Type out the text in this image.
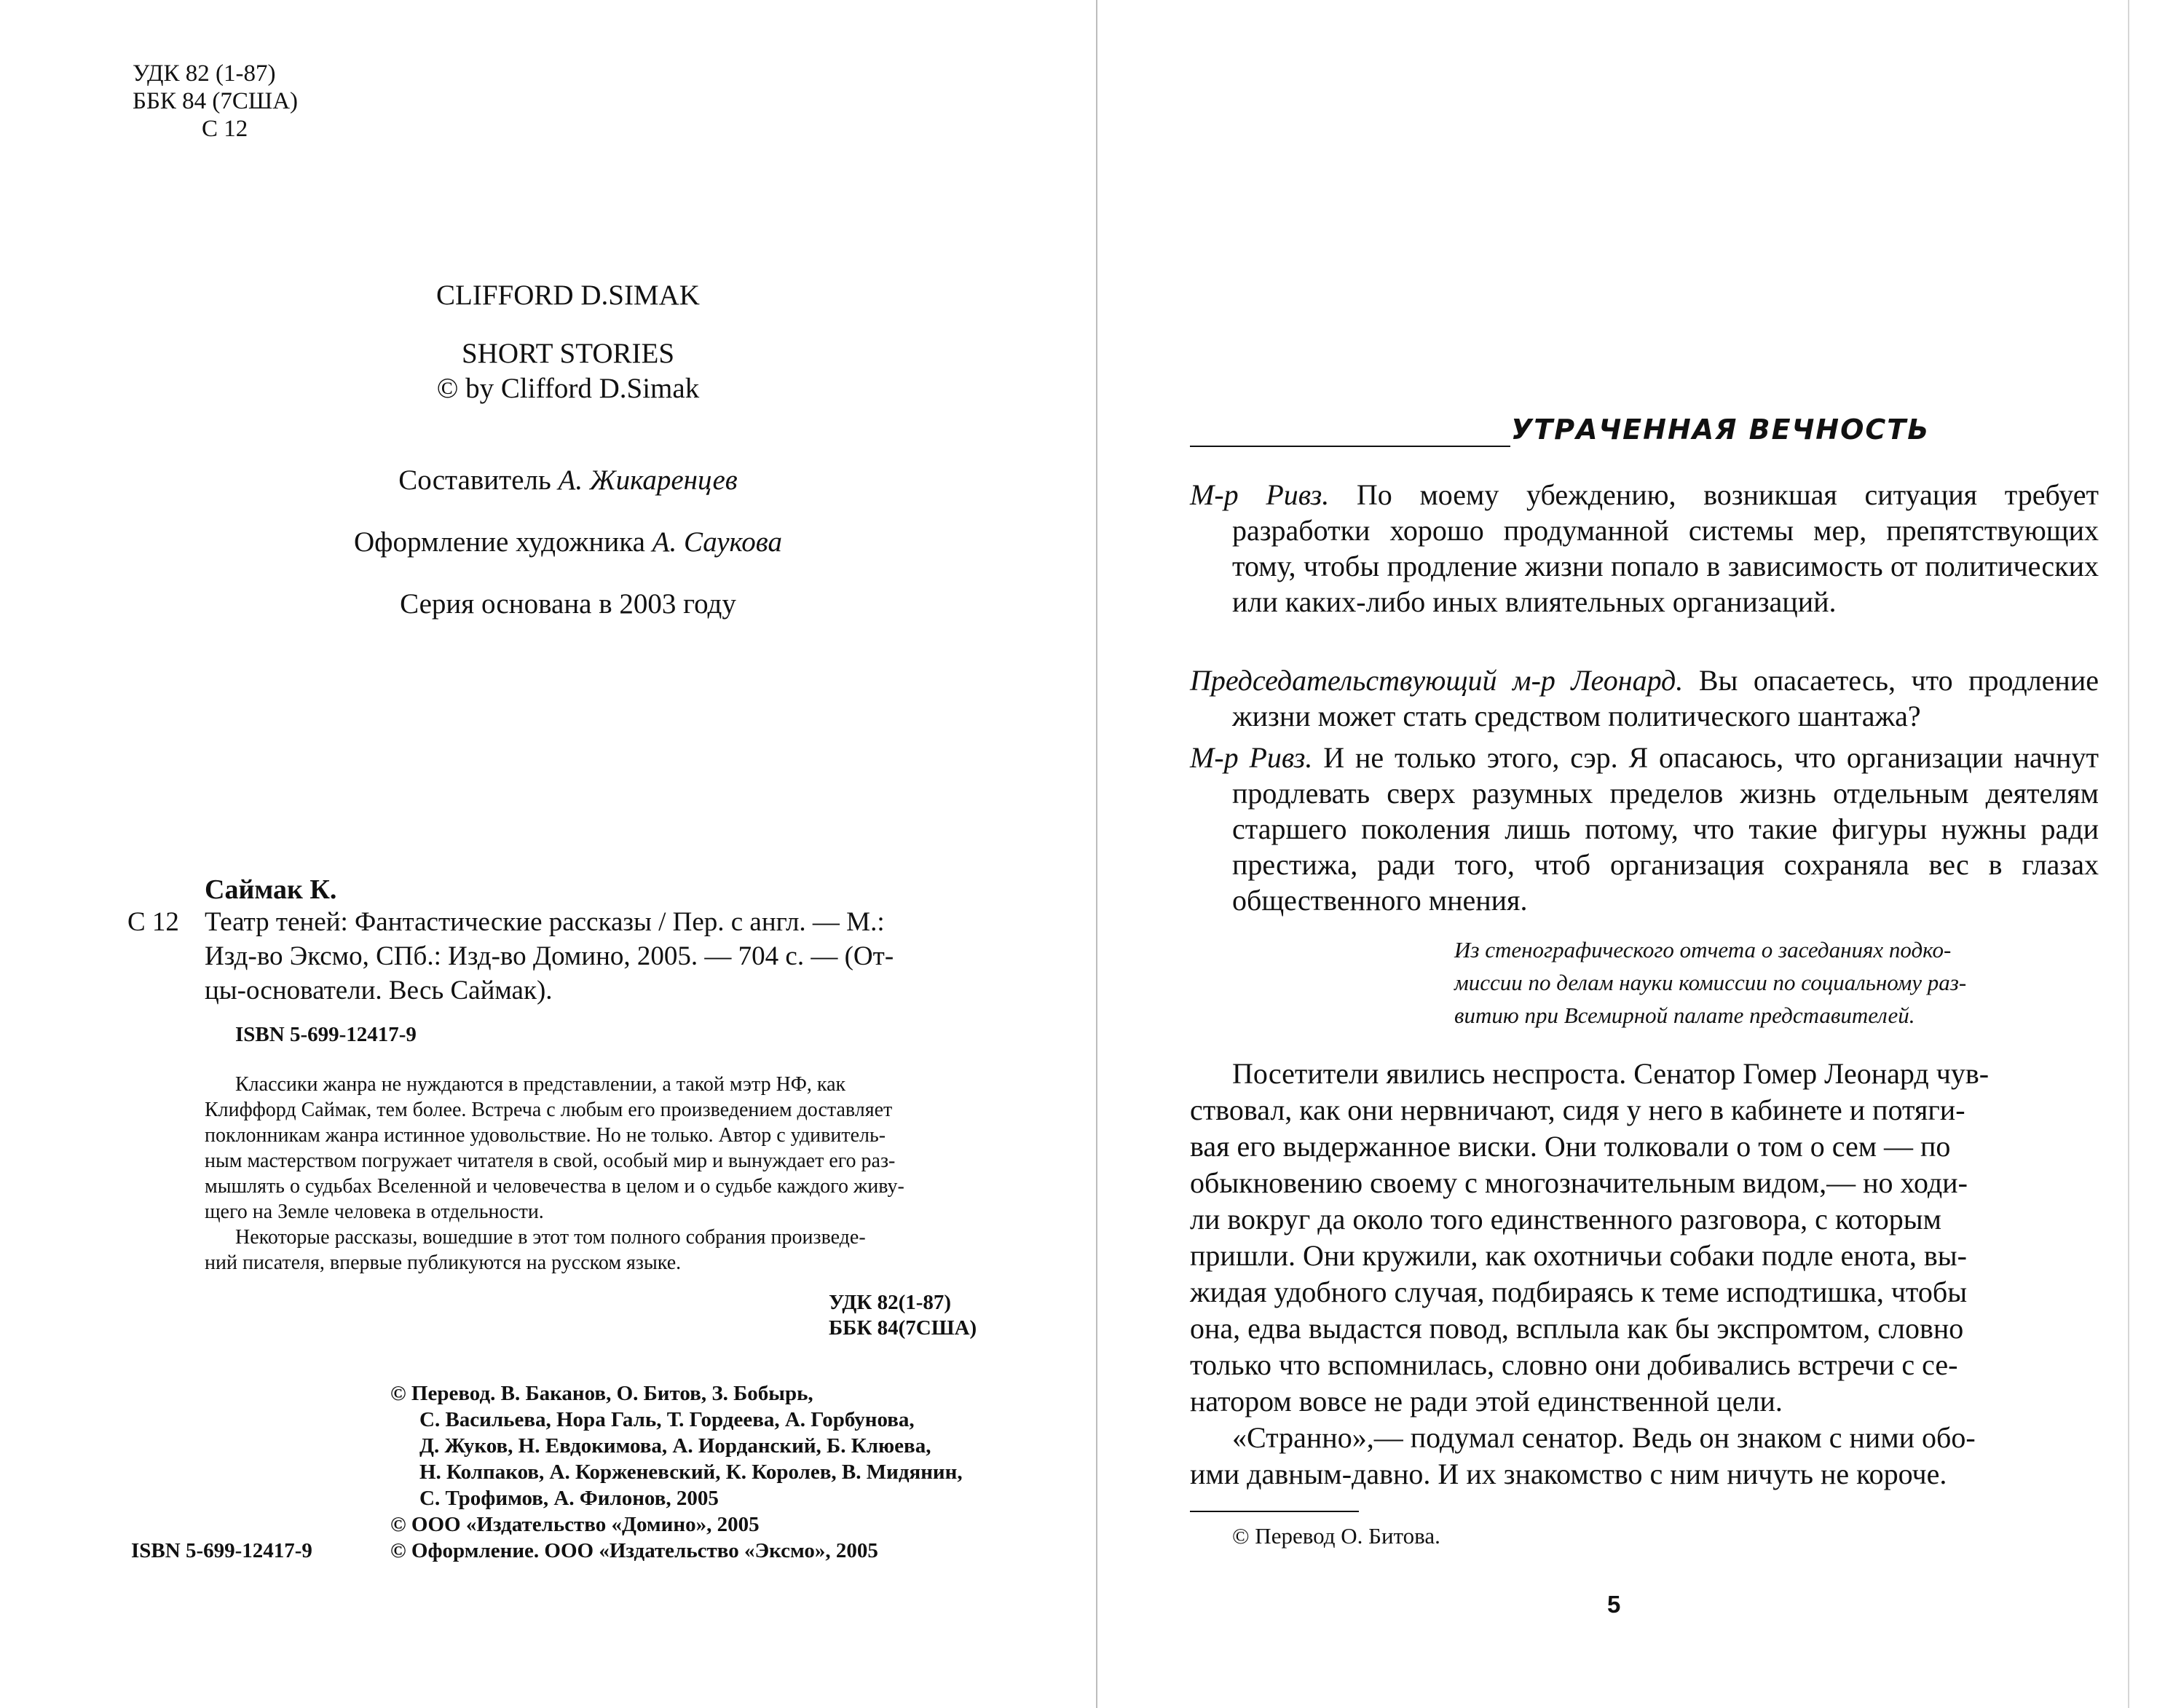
УДК 82 (1-87)
ББК 84 (7США)
С 12
CLIFFORD D.SIMAK
SHORT STORIES
© by Clifford D.Simak
Составитель А. Жикаренцев
Оформление художника А. Саукова
Серия основана в 2003 году
Саймак К.
С 12 Театр теней: Фантастические рассказы / Пер. с англ. — М.:
Изд-во Эксмо, СПб.: Изд-во Домино, 2005. — 704 с. — (От-
цы-основатели. Весь Саймак).
ISBN 5-699-12417-9
Классики жанра не нуждаются в представлении, а такой мэтр НФ, как
Клиффорд Саймак, тем более. Встреча с любым его произведением доставляет
поклонникам жанра истинное удовольствие. Но не только. Автор с удивитель-
ным мастерством погружает читателя в свой, особый мир и вынуждает его раз-
мышлять о судьбах Вселенной и человечества в целом и о судьбе каждого живу-
щего на Земле человека в отдельности.
Некоторые рассказы, вошедшие в этот том полного собрания произведе-
ний писателя, впервые публикуются на русском языке.
УДК 82(1-87)
ББК 84(7США)
© Перевод. В. Баканов, О. Битов, З. Бобырь,
С. Васильева, Нора Галь, Т. Гордеева, А. Горбунова,
Д. Жуков, Н. Евдокимова, А. Иорданский, Б. Клюева,
Н. Колпаков, А. Корженевский, К. Королев, В. Мидянин,
С. Трофимов, А. Филонов, 2005
© ООО «Издательство «Домино», 2005
© Оформление. ООО «Издательство «Эксмо», 2005
ISBN 5-699-12417-9
УТРАЧЕННАЯ ВЕЧНОСТЬ
М-р Ривз. По моему убеждению, возникшая ситуация требует разработки хорошо продуманной системы мер, препятствующих тому, чтобы продление жизни попало в зависимость от политических или каких-либо иных влиятельных организаций.
Председательствующий м-р Леонард. Вы опасаетесь, что продление жизни может стать средством политического шантажа?
М-р Ривз. И не только этого, сэр. Я опасаюсь, что организации начнут продлевать сверх разумных пределов жизнь отдельным деятелям старшего поколения лишь потому, что такие фигуры нужны ради престижа, ради того, чтоб организация сохраняла вес в глазах общественного мнения.
Из стенографического отчета о заседаниях подко-
миссии по делам науки комиссии по социальному раз-
витию при Всемирной палате представителей.
Посетители явились неспроста. Сенатор Гомер Леонард чув-
ствовал, как они нервничают, сидя у него в кабинете и потяги-
вая его выдержанное виски. Они толковали о том о сем — по
обыкновению своему с многозначительным видом,— но ходи-
ли вокруг да около того единственного разговора, с которым
пришли. Они кружили, как охотничьи собаки подле енота, вы-
жидая удобного случая, подбираясь к теме исподтишка, чтобы
она, едва выдастся повод, всплыла как бы экспромтом, словно
только что вспомнилась, словно они добивались встречи с се-
натором вовсе не ради этой единственной цели.
«Странно»,— подумал сенатор. Ведь он знаком с ними обо-
ими давным-давно. И их знакомство с ним ничуть не короче.
© Перевод О. Битова.
5
